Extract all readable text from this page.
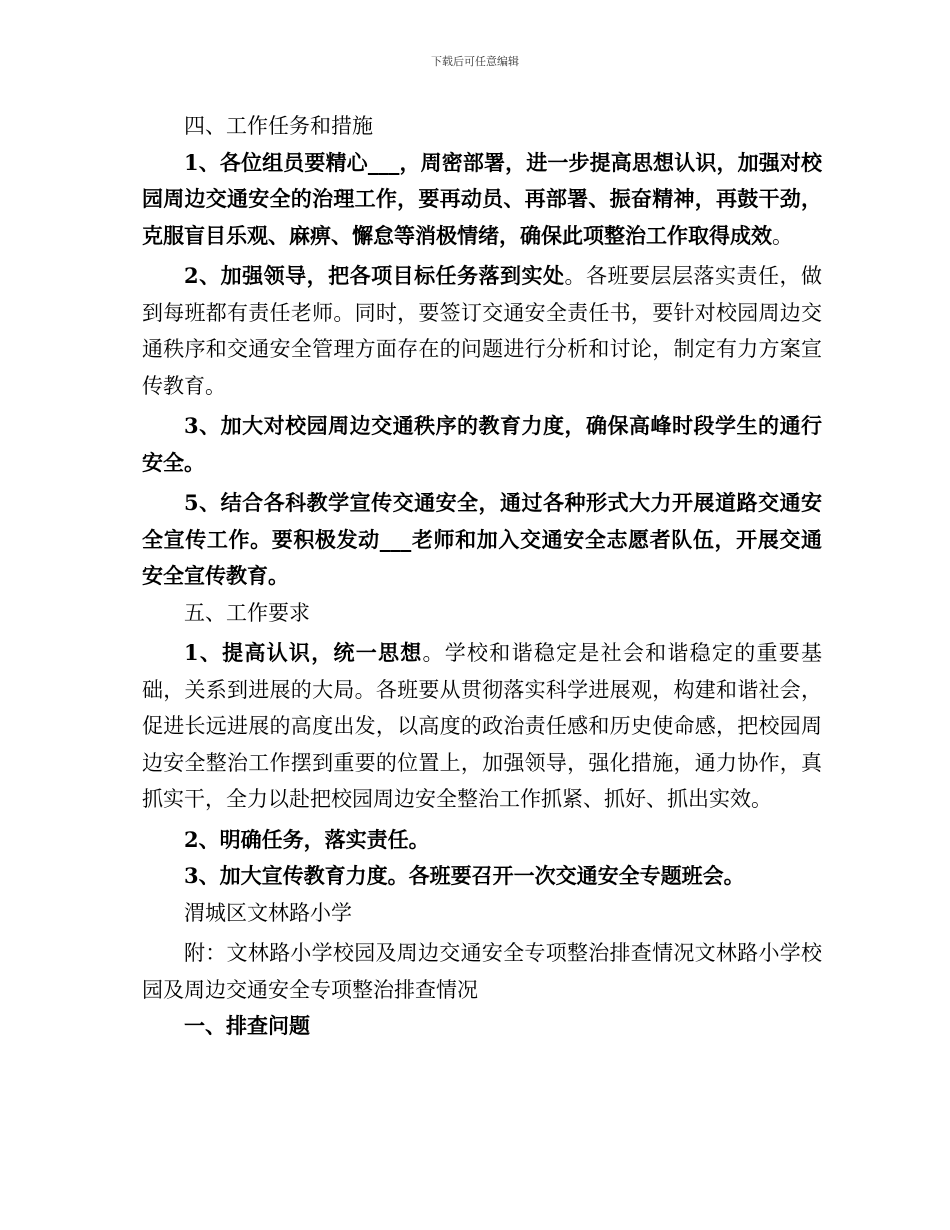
下载后可任意编辑

四、工作任务和措施

1、各位组员要精心___，周密部署，进一步提高思想认识，加强对校园周边交通安全的治理工作，要再动员、再部署、振奋精神，再鼓干劲，克服盲目乐观、麻痹、懈怠等消极情绪，确保此项整治工作取得成效。

2、加强领导，把各项目标任务落到实处。各班要层层落实责任，做到每班都有责任老师。同时，要签订交通安全责任书，要针对校园周边交通秩序和交通安全管理方面存在的问题进行分析和讨论，制定有力方案宣传教育。

3、加大对校园周边交通秩序的教育力度，确保高峰时段学生的通行安全。

5、结合各科教学宣传交通安全，通过各种形式大力开展道路交通安全宣传工作。要积极发动___老师和加入交通安全志愿者队伍，开展交通安全宣传教育。

五、工作要求

1、提高认识，统一思想。学校和谐稳定是社会和谐稳定的重要基础，关系到进展的大局。各班要从贯彻落实科学进展观，构建和谐社会，促进长远进展的高度出发，以高度的政治责任感和历史使命感，把校园周边安全整治工作摆到重要的位置上，加强领导，强化措施，通力协作，真抓实干，全力以赴把校园周边安全整治工作抓紧、抓好、抓出实效。

2、明确任务，落实责任。

3、加大宣传教育力度。各班要召开一次交通安全专题班会。

渭城区文林路小学

附：文林路小学校园及周边交通安全专项整治排查情况文林路小学校园及周边交通安全专项整治排查情况

一、排查问题
